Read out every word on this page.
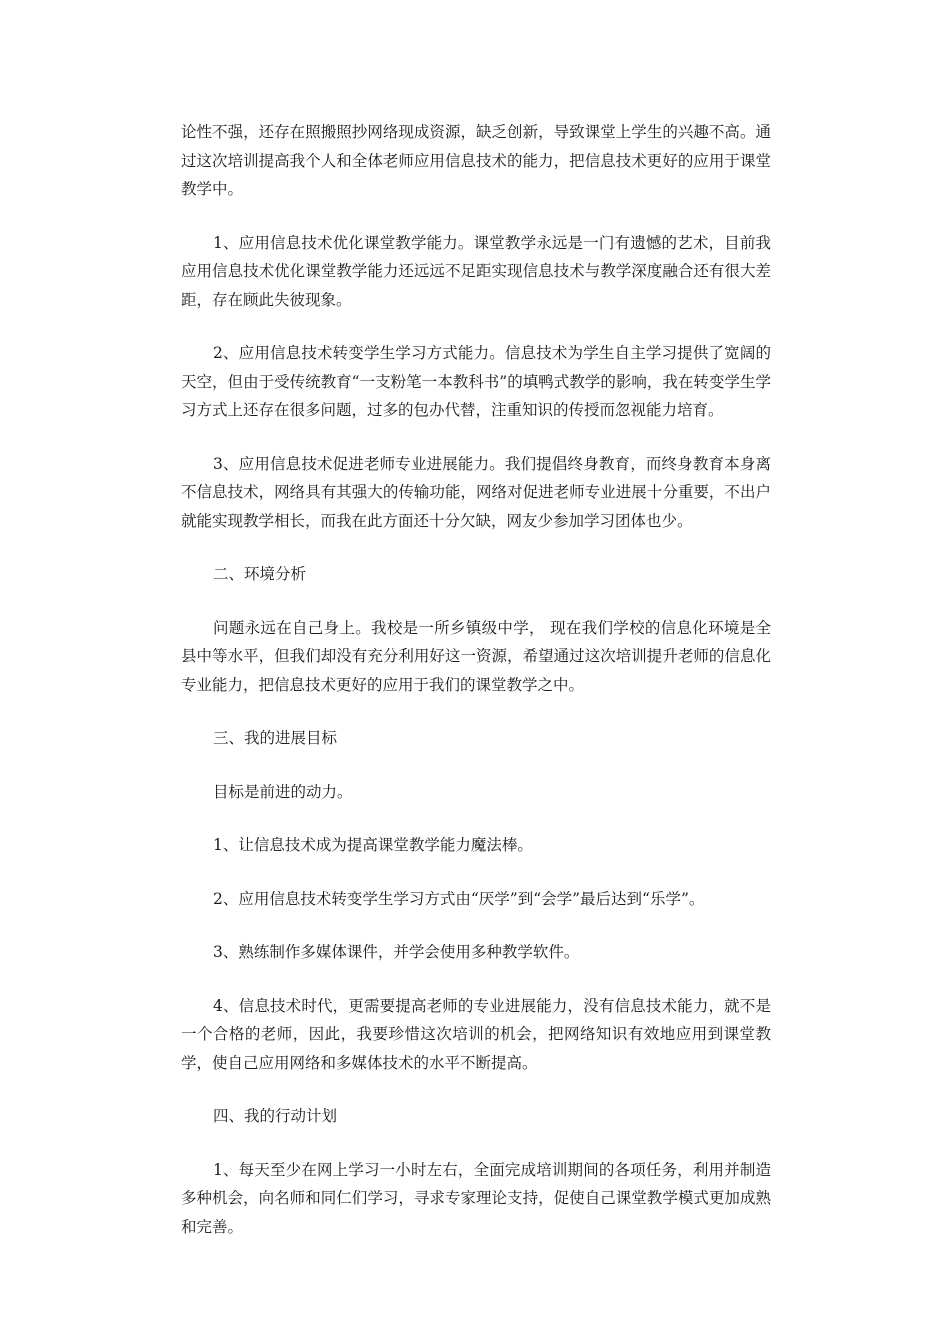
论性不强，还存在照搬照抄网络现成资源，缺乏创新，导致课堂上学生的兴趣不高。通过这次培训提高我个人和全体老师应用信息技术的能力，把信息技术更好的应用于课堂教学中。

1、应用信息技术优化课堂教学能力。课堂教学永远是一门有遗憾的艺术，目前我应用信息技术优化课堂教学能力还远远不足距实现信息技术与教学深度融合还有很大差距，存在顾此失彼现象。

2、应用信息技术转变学生学习方式能力。信息技术为学生自主学习提供了宽阔的天空，但由于受传统教育“一支粉笔一本教科书”的填鸭式教学的影响，我在转变学生学习方式上还存在很多问题，过多的包办代替，注重知识的传授而忽视能力培育。

3、应用信息技术促进老师专业进展能力。我们提倡终身教育，而终身教育本身离不信息技术，网络具有其强大的传输功能，网络对促进老师专业进展十分重要，不出户就能实现教学相长，而我在此方面还十分欠缺，网友少参加学习团体也少。

二、环境分析

问题永远在自己身上。我校是一所乡镇级中学， 现在我们学校的信息化环境是全县中等水平，但我们却没有充分利用好这一资源，希望通过这次培训提升老师的信息化专业能力，把信息技术更好的应用于我们的课堂教学之中。

三、我的进展目标

目标是前进的动力。

1、让信息技术成为提高课堂教学能力魔法棒。

2、应用信息技术转变学生学习方式由“厌学”到“会学”最后达到“乐学”。

3、熟练制作多媒体课件，并学会使用多种教学软件。

4、信息技术时代，更需要提高老师的专业进展能力，没有信息技术能力，就不是一个合格的老师，因此，我要珍惜这次培训的机会，把网络知识有效地应用到课堂教学，使自己应用网络和多媒体技术的水平不断提高。

四、我的行动计划

1、每天至少在网上学习一小时左右，全面完成培训期间的各项任务，利用并制造多种机会，向名师和同仁们学习，寻求专家理论支持，促使自己课堂教学模式更加成熟和完善。
